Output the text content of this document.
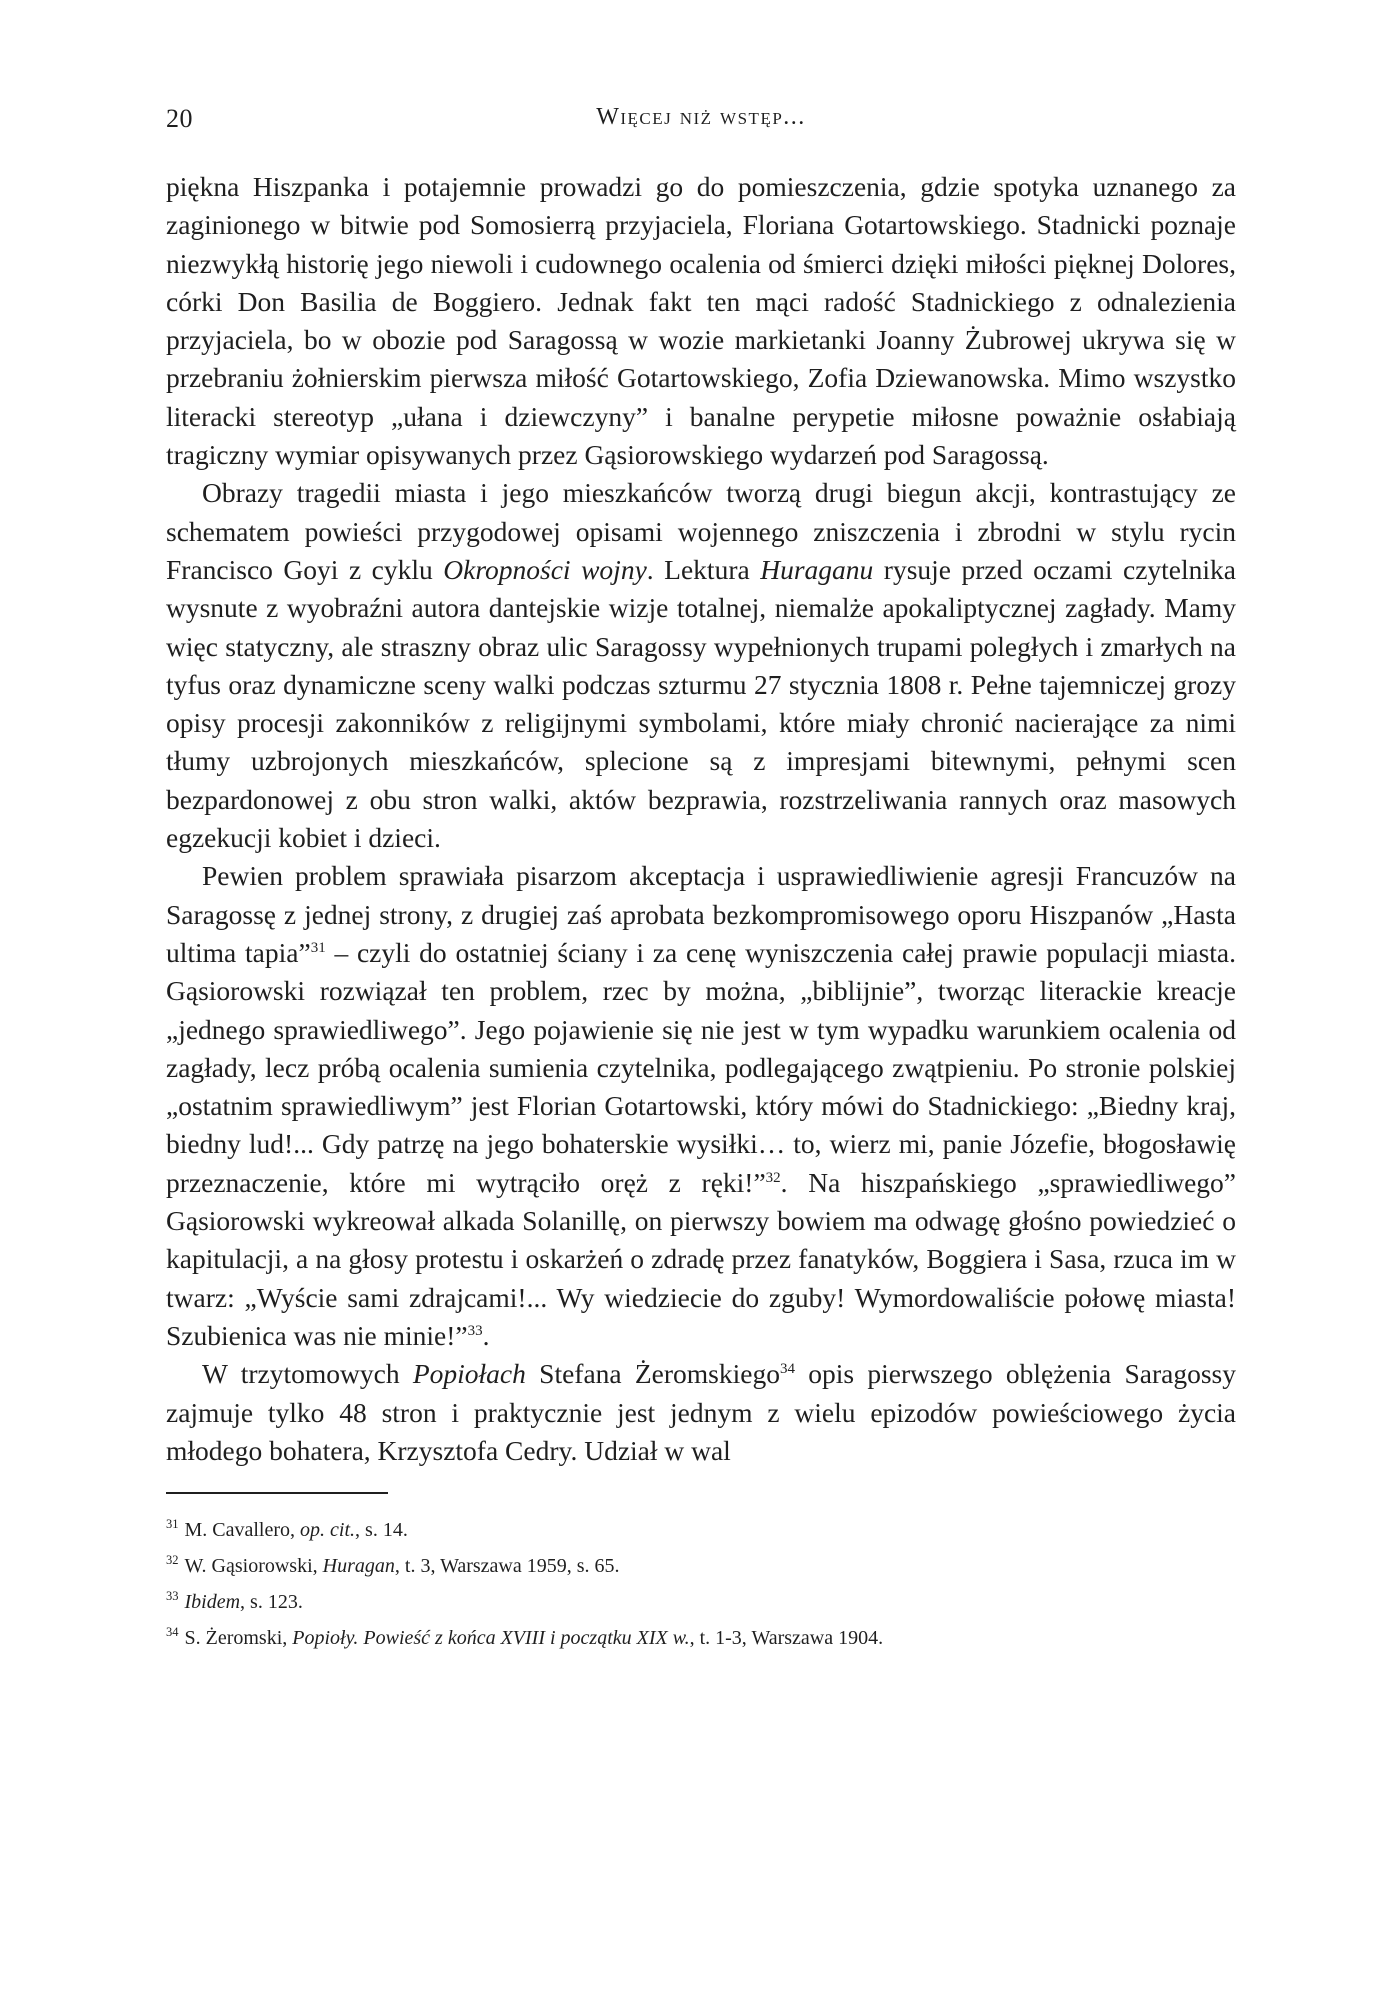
20	Więcej niż wstęp...

piękna Hiszpanka i potajemnie prowadzi go do pomieszczenia, gdzie spotyka uznanego za zaginionego w bitwie pod Somosierrą przyjaciela, Floriana Gotartowskiego. Stadnicki poznaje niezwykłą historię jego niewoli i cudownego ocalenia od śmierci dzięki miłości pięknej Dolores, córki Don Basilia de Boggiero. Jednak fakt ten mąci radość Stadnickiego z odnalezienia przyjaciela, bo w obozie pod Saragossą w wozie markietanki Joanny Żubrowej ukrywa się w przebraniu żołnierskim pierwsza miłość Gotartowskiego, Zofia Dziewanowska. Mimo wszystko literacki stereotyp „ułana i dziewczyny” i banalne perypetie miłosne poważnie osłabiają tragiczny wymiar opisywanych przez Gąsiorowskiego wydarzeń pod Saragossą.

Obrazy tragedii miasta i jego mieszkańców tworzą drugi biegun akcji, kontrastujący ze schematem powieści przygodowej opisami wojennego zniszczenia i zbrodni w stylu rycin Francisco Goyi z cyklu Okropności wojny. Lektura Huraganu rysuje przed oczami czytelnika wysnute z wyobraźni autora dantejskie wizje totalnej, niemalże apokaliptycznej zagłady. Mamy więc statyczny, ale straszny obraz ulic Saragossy wypełnionych trupami poległych i zmarłych na tyfus oraz dynamiczne sceny walki podczas szturmu 27 stycznia 1808 r. Pełne tajemniczej grozy opisy procesji zakonników z religijnymi symbolami, które miały chronić nacierające za nimi tłumy uzbrojonych mieszkańców, splecione są z impresjami bitewnymi, pełnymi scen bezpardonowej z obu stron walki, aktów bezprawia, rozstrzeliwania rannych oraz masowych egzekucji kobiet i dzieci.

Pewien problem sprawiała pisarzom akceptacja i usprawiedliwienie agresji Francuzów na Saragossę z jednej strony, z drugiej zaś aprobata bezkompromisowego oporu Hiszpanów „Hasta ultima tapia”$^{31}$ – czyli do ostatniej ściany i za cenę wyniszczenia całej prawie populacji miasta. Gąsiorowski rozwiązał ten problem, rzec by można, „biblijnie”, tworząc literackie kreacje „jednego sprawiedliwego”. Jego pojawienie się nie jest w tym wypadku warunkiem ocalenia od zagłady, lecz próbą ocalenia sumienia czytelnika, podlegającego zwątpieniu. Po stronie polskiej „ostatnim sprawiedliwym” jest Florian Gotartowski, który mówi do Stadnickiego: „Biedny kraj, biedny lud!... Gdy patrzę na jego bohaterskie wysiłki… to, wierz mi, panie Józefie, błogosławię przeznaczenie, które mi wytrąciło oręż z ręki!”$^{32}$. Na hiszpańskiego „sprawiedliwego” Gąsiorowski wykreował alkada Solanillę, on pierwszy bowiem ma odwagę głośno powiedzieć o kapitulacji, a na głosy protestu i oskarżeń o zdradę przez fanatyków, Boggiera i Sasa, rzuca im w twarz: „Wyście sami zdrajcami!... Wy wiedziecie do zguby! Wymordowaliście połowę miasta! Szubienica was nie minie!”$^{33}$.

W trzytomowych Popiołach Stefana Żeromskiego$^{34}$ opis pierwszego oblężenia Saragossy zajmuje tylko 48 stron i praktycznie jest jednym z wielu epizodów powieściowego życia młodego bohatera, Krzysztofa Cedry. Udział w wal

$^{31}$ M. Cavallero, op. cit., s. 14.

$^{32}$ W. Gąsiorowski, Huragan, t. 3, Warszawa 1959, s. 65.

$^{33}$ Ibidem, s. 123.

$^{34}$ S. Żeromski, Popioły. Powieść z końca XVIII i początku XIX w., t. 1-3, Warszawa 1904.
